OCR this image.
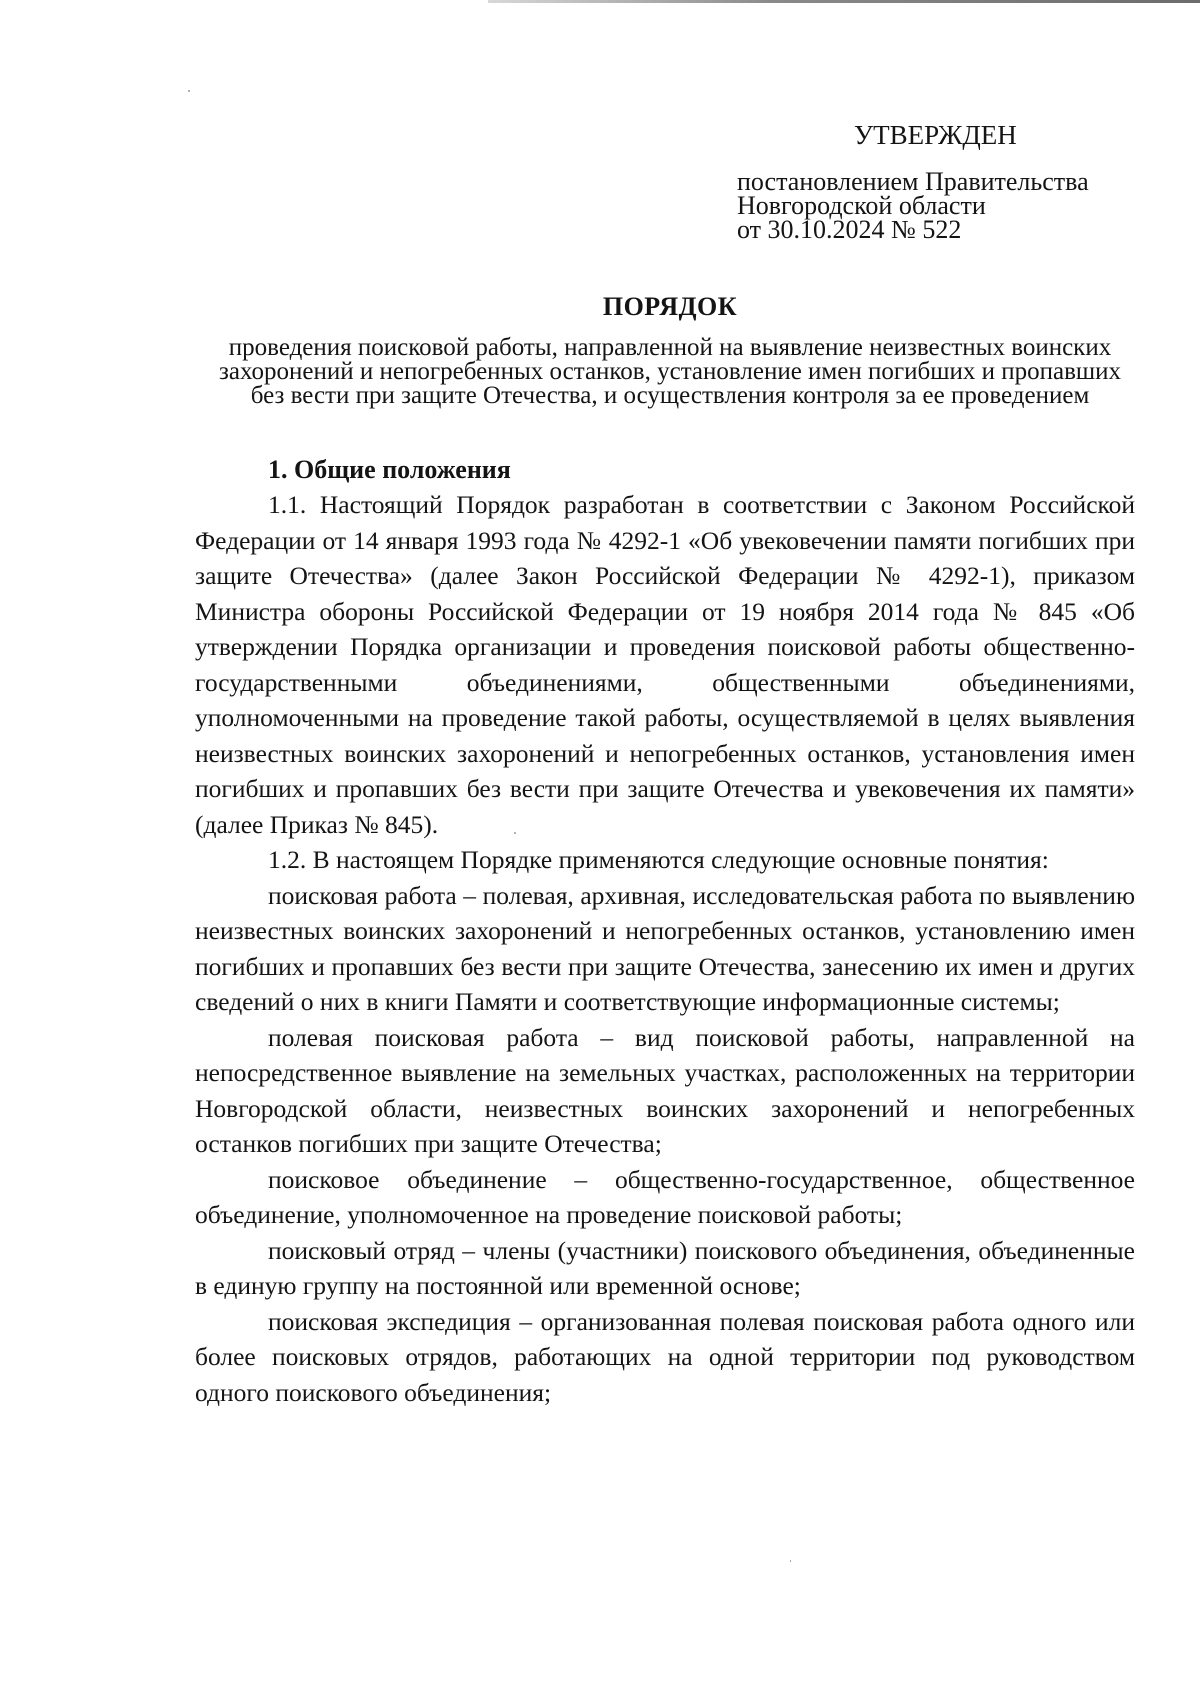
УТВЕРЖДЕН
постановлением Правительства
Новгородской области
от 30.10.2024 № 522
ПОРЯДОК
проведения поисковой работы, направленной на выявление неизвестных воинских захоронений и непогребенных останков, установление имен погибших и пропавших без вести при защите Отечества, и осуществления контроля за ее проведением
1. Общие положения

1.1. Настоящий Порядок разработан в соответствии с Законом Российской Федерации от 14 января 1993 года № 4292-1 «Об увековечении памяти погибших при защите Отечества» (далее Закон Российской Федерации № 4292-1), приказом Министра обороны Российской Федерации от 19 ноября 2014 года № 845 «Об утверждении Порядка организации и проведения поисковой работы общественно-государственными объединениями, общественными объединениями, уполномоченными на проведение такой работы, осуществляемой в целях выявления неизвестных воинских захоронений и непогребенных останков, установления имен погибших и пропавших без вести при защите Отечества и увековечения их памяти» (далее Приказ № 845).

1.2. В настоящем Порядке применяются следующие основные понятия:

поисковая работа – полевая, архивная, исследовательская работа по выявлению неизвестных воинских захоронений и непогребенных останков, установлению имен погибших и пропавших без вести при защите Отечества, занесению их имен и других сведений о них в книги Памяти и соответствующие информационные системы;

полевая поисковая работа – вид поисковой работы, направленной на непосредственное выявление на земельных участках, расположенных на территории Новгородской области, неизвестных воинских захоронений и непогребенных останков погибших при защите Отечества;

поисковое объединение – общественно-государственное, общественное объединение, уполномоченное на проведение поисковой работы;

поисковый отряд – члены (участники) поискового объединения, объединенные в единую группу на постоянной или временной основе;

поисковая экспедиция – организованная полевая поисковая работа одного или более поисковых отрядов, работающих на одной территории под руководством одного поискового объединения;
